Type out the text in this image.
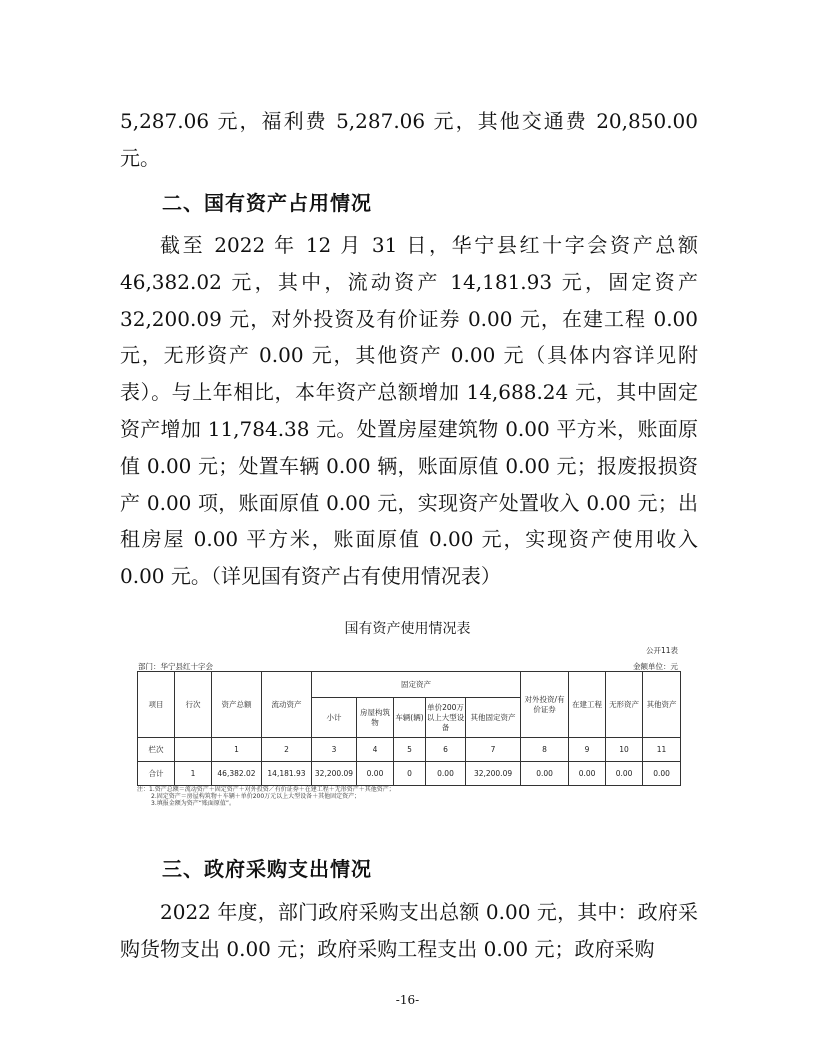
5,287.06 元，福利费 5,287.06 元，其他交通费 20,850.00 元。

二、国有资产占用情况

截至 2022 年 12 月 31 日，华宁县红十字会资产总额 46,382.02 元，其中，流动资产 14,181.93 元，固定资产 32,200.09 元，对外投资及有价证券 0.00 元，在建工程 0.00 元，无形资产 0.00 元，其他资产 0.00 元（具体内容详见附表）。与上年相比，本年资产总额增加 14,688.24 元，其中固定资产增加 11,784.38 元。处置房屋建筑物 0.00 平方米，账面原值 0.00 元；处置车辆 0.00 辆，账面原值 0.00 元；报废报损资产 0.00 项，账面原值 0.00 元，实现资产处置收入 0.00 元；出租房屋 0.00 平方米，账面原值 0.00 元，实现资产使用收入 0.00 元。（详见国有资产占有使用情况表）

国有资产使用情况表

公开11表

部门：华宁县红十字会	金额单位：元

项目	行次	资产总额	流动资产	固定资产					对外投资/有价证券	在建工程	无形资产	其他资产
				小计	房屋构筑物	车辆(辆)	单价200万以上大型设备	其他固定资产				
栏次		1	2	3	4	5	6	7	8	9	10	11
合计	1	46,382.02	14,181.93	32,200.09	0.00	0	0.00	32,200.09	0.00	0.00	0.00	0.00
注：1.资产总额＝流动资产＋固定资产＋对外投资／有价证券＋在建工程＋无形资产＋其他资产；
2.固定资产＝房屋构筑物＋车辆＋单价200万元以上大型设备＋其他固定资产；
3.填报金额为资产“账面原值”。

三、政府采购支出情况

2022 年度，部门政府采购支出总额 0.00 元，其中：政府采购货物支出 0.00 元；政府采购工程支出 0.00 元；政府采购

-16-
